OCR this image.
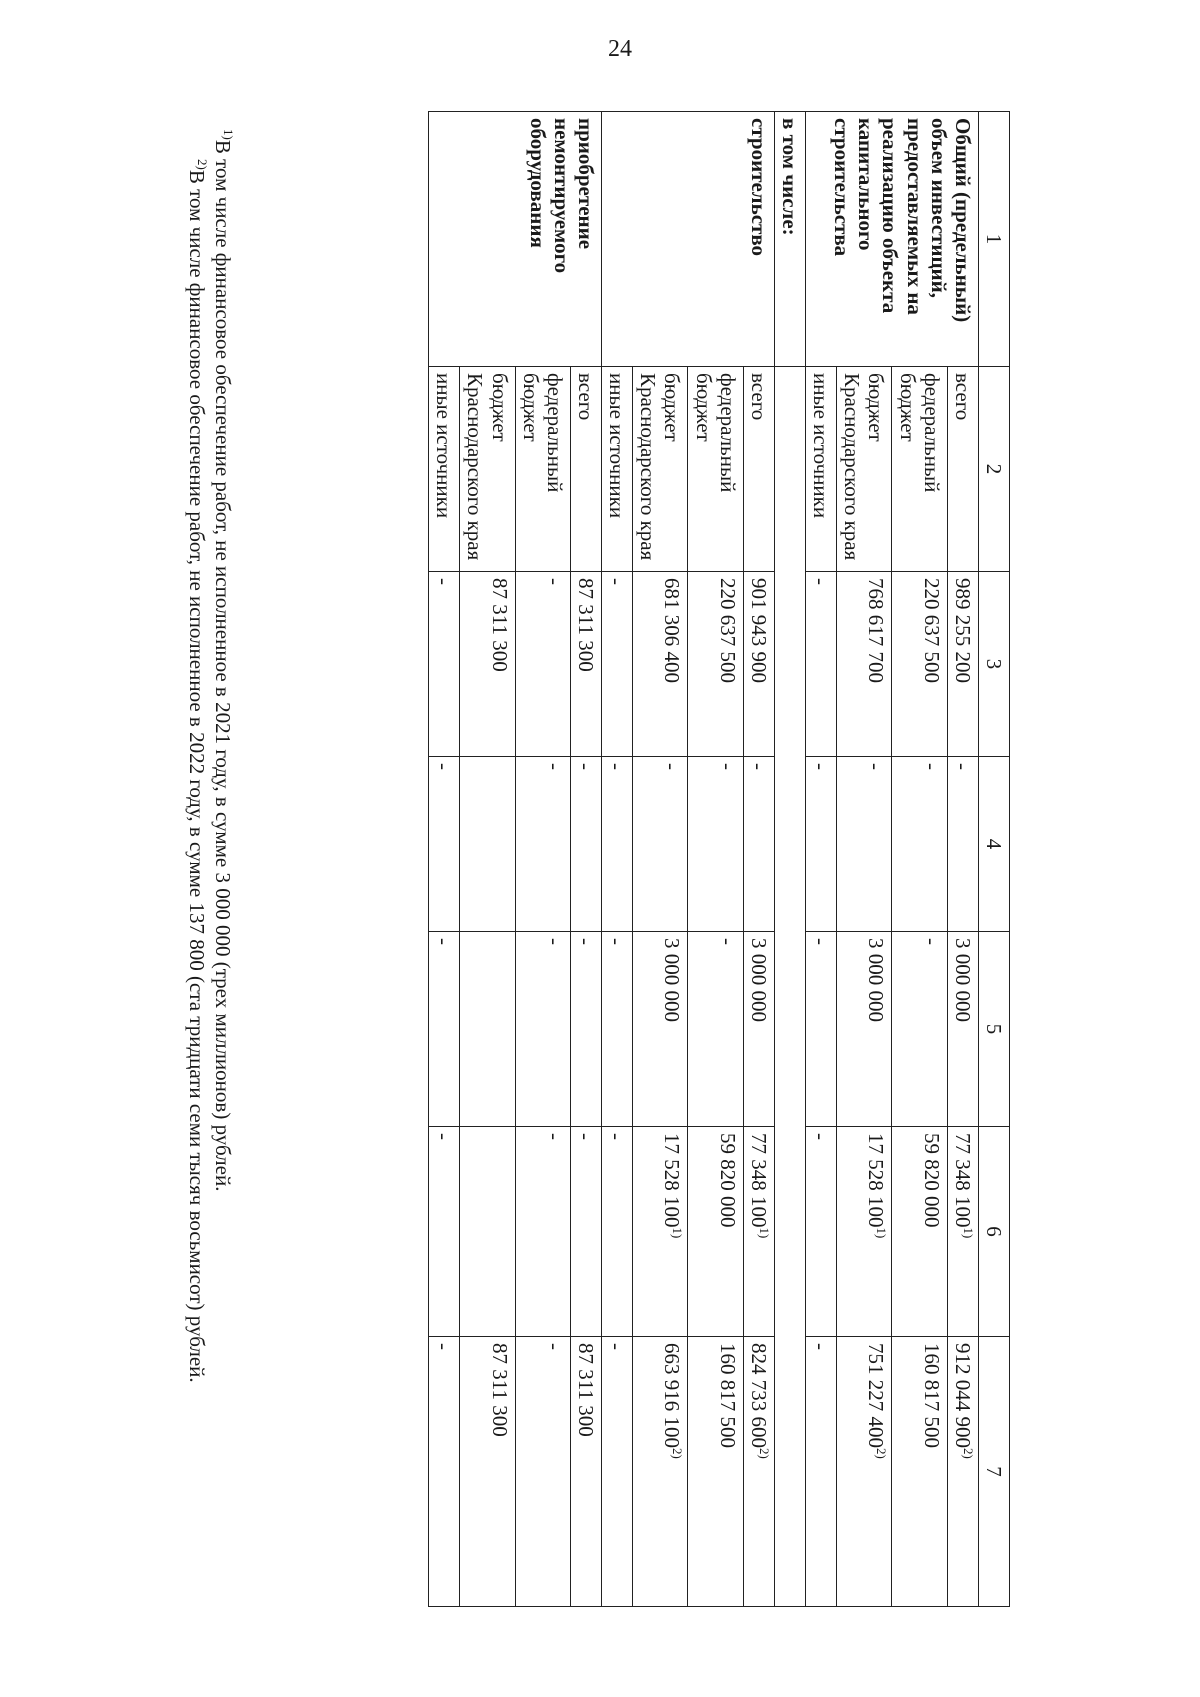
24
1	2	3	4	5	6	7
Общий (предельный) объем инвестиций, предоставляемых на реализацию объекта капитального строительства	всего	989 255 200	-	3 000 000	77 348 100$^{1)}$	912 044 900$^{2)}$
	федеральный бюджет	220 637 500	-	-	59 820 000	160 817 500
	бюджет Краснодарского края	768 617 700	-	3 000 000	17 528 100$^{1)}$	751 227 400$^{2)}$
	иные источники	-	-	-	-	-
в том числе:						
строительство	всего	901 943 900	-	3 000 000	77 348 100$^{1)}$	824 733 600$^{2)}$
	федеральный бюджет	220 637 500	-	-	59 820 000	160 817 500
	бюджет Краснодарского края	681 306 400	-	3 000 000	17 528 100$^{1)}$	663 916 100$^{2)}$
	иные источники	-	-	-	-	-
приобретение немонтируемого оборудования	всего	87 311 300	-	-	-	87 311 300
	федеральный бюджет	-	-	-	-	-
	бюджет Краснодарского края	87 311 300				87 311 300
	иные источники	-	-	-	-	-

$^{1)}$В том числе финансовое обеспечение работ, не исполненное в 2021 году, в сумме 3 000 000 (трех миллионов) рублей.

$^{2)}$В том числе финансовое обеспечение работ, не исполненное в 2022 году, в сумме 137 800 (ста тридцати семи тысяч восьмисот) рублей.
